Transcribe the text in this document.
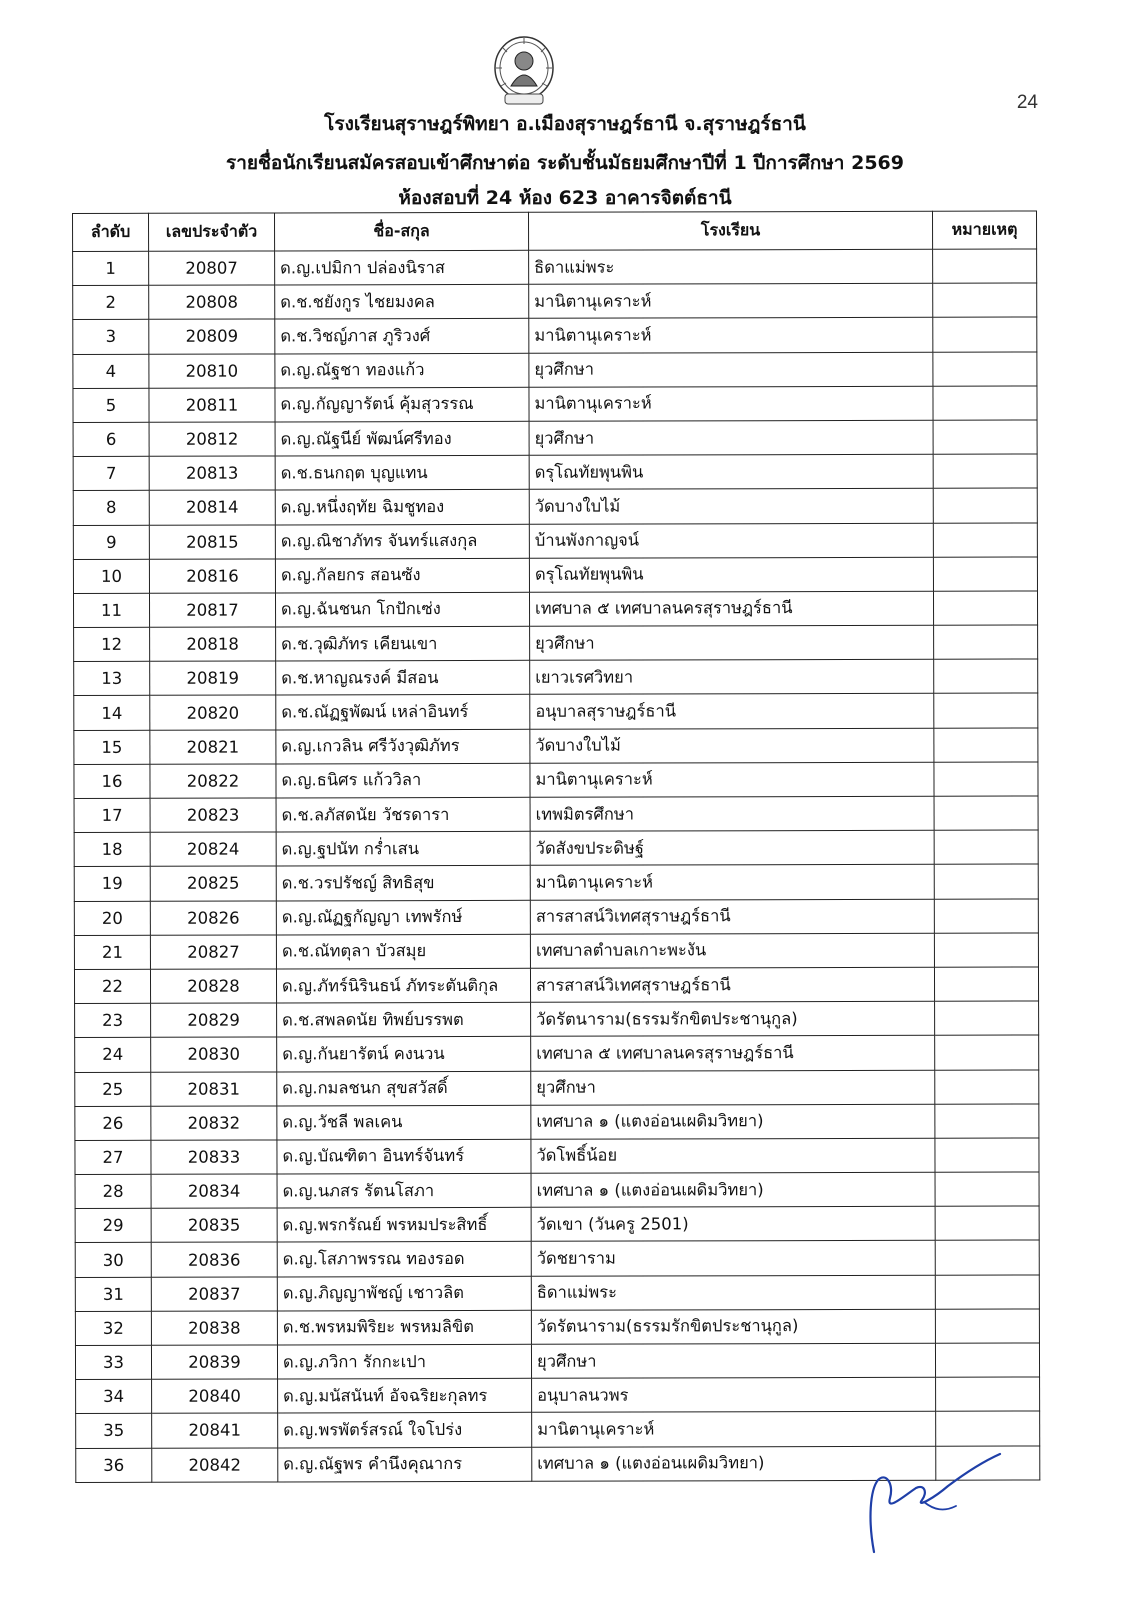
24
โรงเรียนสุราษฎร์พิทยา อ.เมืองสุราษฎร์ธานี จ.สุราษฎร์ธานี
รายชื่อนักเรียนสมัครสอบเข้าศึกษาต่อ ระดับชั้นมัธยมศึกษาปีที่ 1 ปีการศึกษา 2569
ห้องสอบที่ 24 ห้อง 623 อาคารจิตต์ธานี
ลำดับ	เลขประจำตัว	ชื่อ-สกุล	โรงเรียน	หมายเหตุ
1	20807	ด.ญ.เปมิกา ปล่องนิราส	ธิดาแม่พระ	
2	20808	ด.ช.ชยังกูร ไชยมงคล	มานิตานุเคราะห์	
3	20809	ด.ช.วิชญ์ภาส ภูริวงศ์	มานิตานุเคราะห์	
4	20810	ด.ญ.ณัฐชา ทองแก้ว	ยุวศึกษา	
5	20811	ด.ญ.กัญญารัตน์ คุ้มสุวรรณ	มานิตานุเคราะห์	
6	20812	ด.ญ.ณัฐนีย์ พัฒน์ศรีทอง	ยุวศึกษา	
7	20813	ด.ช.ธนกฤต บุญแทน	ดรุโณทัยพุนพิน	
8	20814	ด.ญ.หนึ่งฤทัย ฉิมชูทอง	วัดบางใบไม้	
9	20815	ด.ญ.ณิชาภัทร จันทร์แสงกุล	บ้านพังกาญจน์	
10	20816	ด.ญ.กัลยกร สอนซัง	ดรุโณทัยพุนพิน	
11	20817	ด.ญ.ฉันชนก โกปักเซ่ง	เทศบาล ๕ เทศบาลนครสุราษฎร์ธานี	
12	20818	ด.ช.วุฒิภัทร เคียนเขา	ยุวศึกษา	
13	20819	ด.ช.หาญณรงค์ มีสอน	เยาวเรศวิทยา	
14	20820	ด.ช.ณัฏฐพัฒน์ เหล่าอินทร์	อนุบาลสุราษฎร์ธานี	
15	20821	ด.ญ.เกวลิน ศรีวังวุฒิภัทร	วัดบางใบไม้	
16	20822	ด.ญ.ธนิศร แก้ววิลา	มานิตานุเคราะห์	
17	20823	ด.ช.ลภัสดนัย วัชรดารา	เทพมิตรศึกษา	
18	20824	ด.ญ.ฐปนัท กร่ำเสน	วัดสังขประดิษฐ์	
19	20825	ด.ช.วรปรัชญ์ สิทธิสุข	มานิตานุเคราะห์	
20	20826	ด.ญ.ณัฏฐกัญญา เทพรักษ์	สารสาสน์วิเทศสุราษฎร์ธานี	
21	20827	ด.ช.ณัทตุลา บัวสมุย	เทศบาลตำบลเกาะพะงัน	
22	20828	ด.ญ.ภัทร์นิรินธน์ ภัทระตันติกุล	สารสาสน์วิเทศสุราษฎร์ธานี	
23	20829	ด.ช.สพลดนัย ทิพย์บรรพต	วัดรัตนาราม(ธรรมรักขิตประชานุกูล)	
24	20830	ด.ญ.กันยารัตน์ คงนวน	เทศบาล ๕ เทศบาลนครสุราษฎร์ธานี	
25	20831	ด.ญ.กมลชนก สุขสวัสดิ์	ยุวศึกษา	
26	20832	ด.ญ.วัชลี พลเคน	เทศบาล ๑ (แตงอ่อนเผดิมวิทยา)	
27	20833	ด.ญ.บัณฑิตา อินทร์จันทร์	วัดโพธิ์น้อย	
28	20834	ด.ญ.นภสร รัตนโสภา	เทศบาล ๑ (แตงอ่อนเผดิมวิทยา)	
29	20835	ด.ญ.พรกรัณย์ พรหมประสิทธิ์	วัดเขา (วันครู 2501)	
30	20836	ด.ญ.โสภาพรรณ ทองรอด	วัดชยาราม	
31	20837	ด.ญ.ภิญญาพัชญ์ เชาวลิต	ธิดาแม่พระ	
32	20838	ด.ช.พรหมพิริยะ พรหมลิขิต	วัดรัตนาราม(ธรรมรักขิตประชานุกูล)	
33	20839	ด.ญ.ภวิกา รักกะเปา	ยุวศึกษา	
34	20840	ด.ญ.มนัสนันท์ อัจฉริยะกุลทร	อนุบาลนวพร	
35	20841	ด.ญ.พรพัตร์สรณ์ ใจโปร่ง	มานิตานุเคราะห์	
36	20842	ด.ญ.ณัฐพร คำนึงคุณากร	เทศบาล ๑ (แตงอ่อนเผดิมวิทยา)	
